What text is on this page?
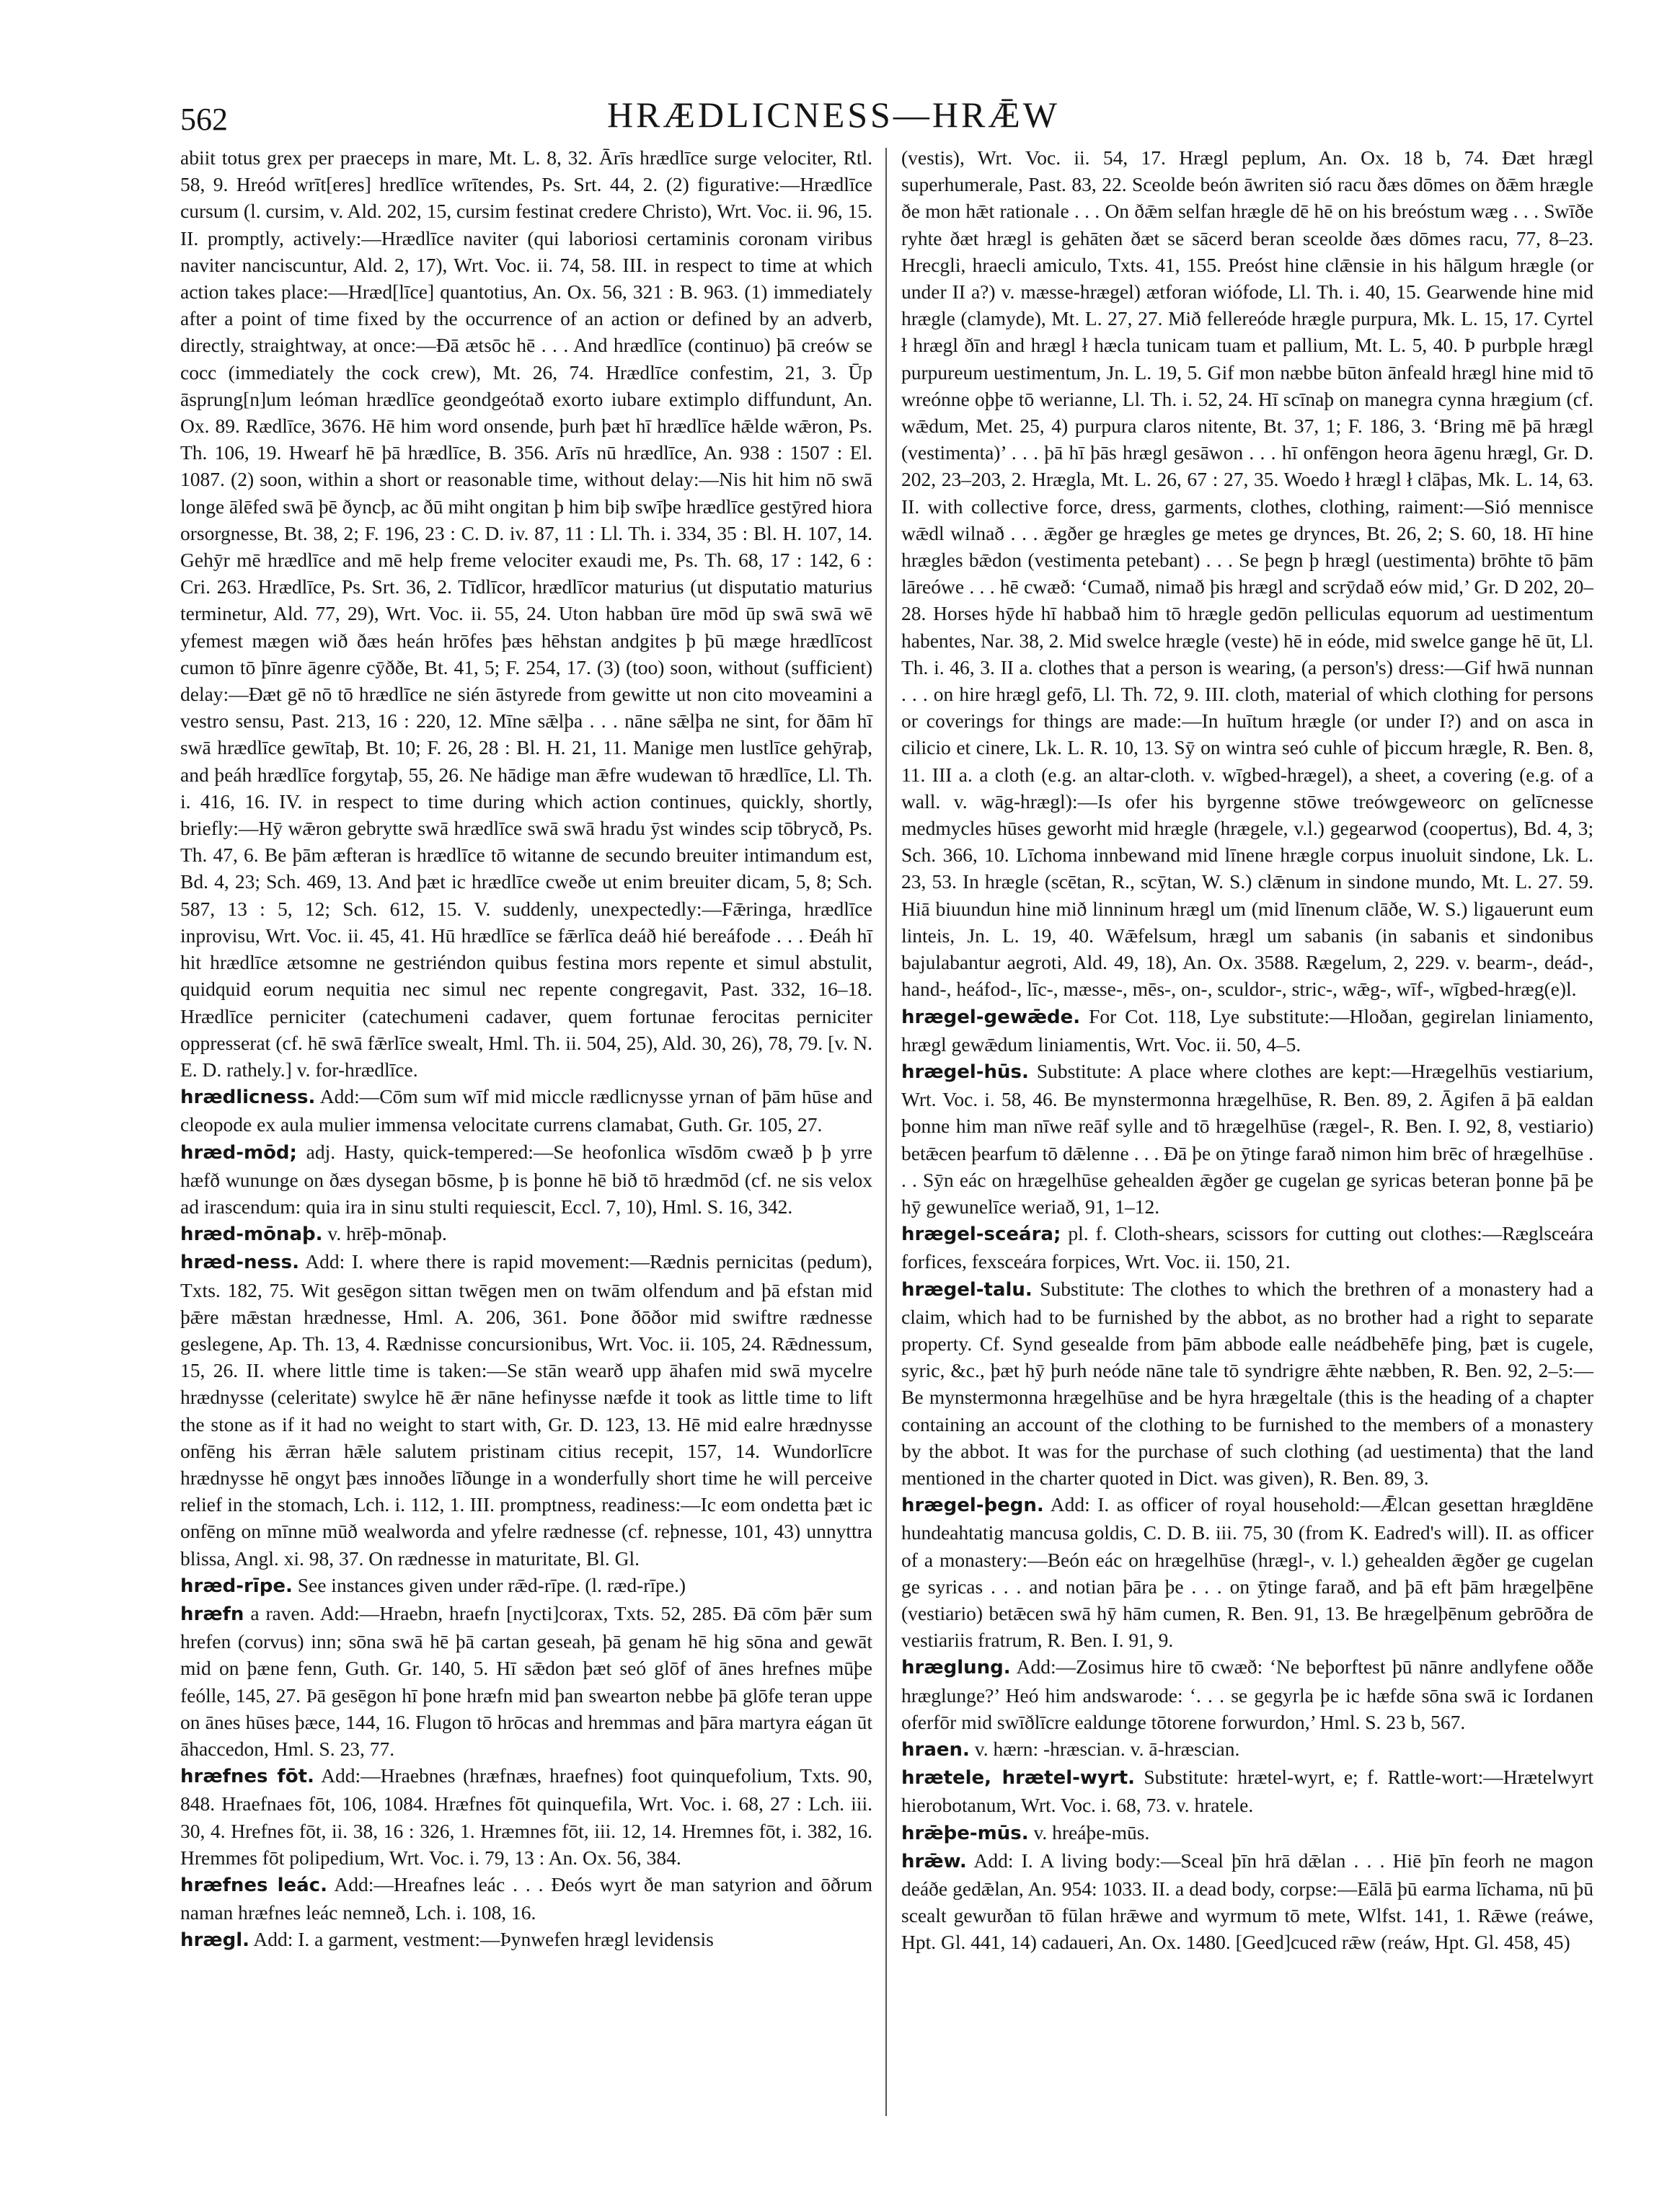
562	HRÆDLICNESS—HRǢW

abiit totus grex per praeceps in mare, Mt. L. 8, 32. Ārīs hrædlīce surge velociter, Rtl. 58, 9. Hreód wrīt[eres] hredlīce wrītendes, Ps. Srt. 44, 2. (2) figurative:—Hrædlīce cursum (l. cursim, v. Ald. 202, 15, cursim festinat credere Christo), Wrt. Voc. ii. 96, 15. II. promptly, actively:—Hrædlīce naviter (qui laboriosi certaminis coronam viribus naviter nanciscuntur, Ald. 2, 17), Wrt. Voc. ii. 74, 58. III. in respect to time at which action takes place:—Hræd[līce] quantotius, An. Ox. 56, 321 : B. 963. (1) immediately after a point of time fixed by the occurrence of an action or defined by an adverb, directly, straightway, at once:—Ðā ætsōc hē . . . And hrædlīce (continuo) þā creów se cocc (immediately the cock crew), Mt. 26, 74. Hrædlīce confestim, 21, 3. Ūp āsprung[n]um leóman hrædlīce geondgeótað exorto iubare extimplo diffundunt, An. Ox. 89. Rædlīce, 3676. Hē him word onsende, þurh þæt hī hrædlīce hǣlde wǣron, Ps. Th. 106, 19. Hwearf hē þā hrædlīce, B. 356. Arīs nū hrædlīce, An. 938 : 1507 : El. 1087. (2) soon, within a short or reasonable time, without delay:—Nis hit him nō swā longe ālēfed swā þē ðyncþ, ac ðū miht ongitan þ him biþ swīþe hrædlīce gestȳred hiora orsorgnesse, Bt. 38, 2; F. 196, 23 : C. D. iv. 87, 11 : Ll. Th. i. 334, 35 : Bl. H. 107, 14. Gehȳr mē hrædlīce and mē help freme velociter exaudi me, Ps. Th. 68, 17 : 142, 6 : Cri. 263. Hrædlīce, Ps. Srt. 36, 2. Tīdlīcor, hrædlīcor maturius (ut disputatio maturius terminetur, Ald. 77, 29), Wrt. Voc. ii. 55, 24. Uton habban ūre mōd ūp swā swā wē yfemest mægen wið ðæs heán hrōfes þæs hēhstan andgites þ þū mæge hrædlīcost cumon tō þīnre āgenre cȳððe, Bt. 41, 5; F. 254, 17. (3) (too) soon, without (sufficient) delay:—Ðæt gē nō tō hrædlīce ne sién āstyrede from gewitte ut non cito moveamini a vestro sensu, Past. 213, 16 : 220, 12. Mīne sǣlþa . . . nāne sǣlþa ne sint, for ðām hī swā hrædlīce gewītaþ, Bt. 10; F. 26, 28 : Bl. H. 21, 11. Manige men lustlīce gehȳraþ, and þeáh hrædlīce forgytaþ, 55, 26. Ne hādige man ǣfre wudewan tō hrædlīce, Ll. Th. i. 416, 16. IV. in respect to time during which action continues, quickly, shortly, briefly:—Hȳ wǣron gebrytte swā hrædlīce swā swā hradu ȳst windes scip tōbrycð, Ps. Th. 47, 6. Be þām æfteran is hrædlīce tō witanne de secundo breuiter intimandum est, Bd. 4, 23; Sch. 469, 13. And þæt ic hrædlīce cweðe ut enim breuiter dicam, 5, 8; Sch. 587, 13 : 5, 12; Sch. 612, 15. V. suddenly, unexpectedly:—Fǣringa, hrædlīce inprovisu, Wrt. Voc. ii. 45, 41. Hū hrædlīce se fǣrlīca deáð hié bereáfode . . . Ðeáh hī hit hrædlīce ætsomne ne gestriéndon quibus festina mors repente et simul abstulit, quidquid eorum nequitia nec simul nec repente congregavit, Past. 332, 16–18. Hrædlīce perniciter (catechumeni cadaver, quem fortunae ferocitas perniciter oppresserat (cf. hē swā fǣrlīce swealt, Hml. Th. ii. 504, 25), Ald. 30, 26), 78, 79. [v. N. E. D. rathely.] v. for-hrædlīce.

hrædlicness. Add:—Cōm sum wīf mid miccle rædlicnysse yrnan of þām hūse and cleopode ex aula mulier immensa velocitate currens clamabat, Guth. Gr. 105, 27.

hræd-mōd; adj. Hasty, quick-tempered:—Se heofonlica wīsdōm cwæð þ þ yrre hæfð wununge on ðæs dysegan bōsme, þ is þonne hē bið tō hrædmōd (cf. ne sis velox ad irascendum: quia ira in sinu stulti requiescit, Eccl. 7, 10), Hml. S. 16, 342.

hræd-mōnaþ. v. hrēþ-mōnaþ.

hræd-ness. Add: I. where there is rapid movement:—Rædnis pernicitas (pedum), Txts. 182, 75. Wit gesēgon sittan twēgen men on twām olfendum and þā efstan mid þǣre mǣstan hrædnesse, Hml. A. 206, 361. Þone ðōðor mid swiftre rædnesse geslegene, Ap. Th. 13, 4. Rædnisse concursionibus, Wrt. Voc. ii. 105, 24. Rǣdnessum, 15, 26. II. where little time is taken:—Se stān wearð upp āhafen mid swā mycelre hrædnysse (celeritate) swylce hē ǣr nāne hefinysse næfde it took as little time to lift the stone as if it had no weight to start with, Gr. D. 123, 13. Hē mid ealre hrædnysse onfēng his ǣrran hǣle salutem pristinam citius recepit, 157, 14. Wundorlīcre hrædnysse hē ongyt þæs innoðes līðunge in a wonderfully short time he will perceive relief in the stomach, Lch. i. 112, 1. III. promptness, readiness:—Ic eom ondetta þæt ic onfēng on mīnne mūð wealworda and yfelre rædnesse (cf. reþnesse, 101, 43) unnyttra blissa, Angl. xi. 98, 37. On rædnesse in maturitate, Bl. Gl.

hræd-rīpe. See instances given under rǣd-rīpe. (l. ræd-rīpe.)

hræfn a raven. Add:—Hraebn, hraefn [nycti]corax, Txts. 52, 285. Ðā cōm þǣr sum hrefen (corvus) inn; sōna swā hē þā cartan geseah, þā genam hē hig sōna and gewāt mid on þæne fenn, Guth. Gr. 140, 5. Hī sǣdon þæt seó glōf of ānes hrefnes mūþe feólle, 145, 27. Þā gesēgon hī þone hræfn mid þan swearton nebbe þā glōfe teran uppe on ānes hūses þæce, 144, 16. Flugon tō hrōcas and hremmas and þāra martyra eágan ūt āhaccedon, Hml. S. 23, 77.

hræfnes fōt. Add:—Hraebnes (hræfnæs, hraefnes) foot quinquefolium, Txts. 90, 848. Hraefnaes fōt, 106, 1084. Hræfnes fōt quinquefila, Wrt. Voc. i. 68, 27 : Lch. iii. 30, 4. Hrefnes fōt, ii. 38, 16 : 326, 1. Hræmnes fōt, iii. 12, 14. Hremnes fōt, i. 382, 16. Hremmes fōt polipedium, Wrt. Voc. i. 79, 13 : An. Ox. 56, 384.

hræfnes leác. Add:—Hreafnes leác . . . Ðeós wyrt ðe man satyrion and ōðrum naman hræfnes leác nemneð, Lch. i. 108, 16.

hrægl. Add: I. a garment, vestment:—Þynwefen hrægl levidensis

(vestis), Wrt. Voc. ii. 54, 17. Hrægl peplum, An. Ox. 18 b, 74. Ðæt hrægl superhumerale, Past. 83, 22. Sceolde beón āwriten sió racu ðæs dōmes on ðǣm hrægle ðe mon hǣt rationale . . . On ðǣm selfan hrægle dē hē on his breóstum wæg . . . Swīðe ryhte ðæt hrægl is gehāten ðæt se sācerd beran sceolde ðæs dōmes racu, 77, 8–23. Hrecgli, hraecli amiculo, Txts. 41, 155. Preóst hine clǣnsie in his hālgum hrægle (or under II a?) v. mæsse-hrægel) ætforan wiófode, Ll. Th. i. 40, 15. Gearwende hine mid hrægle (clamyde), Mt. L. 27, 27. Mið fellereóde hrægle purpura, Mk. L. 15, 17. Cyrtel ł hrægl ðīn and hrægl ł hæcla tunicam tuam et pallium, Mt. L. 5, 40. Þ purbple hrægl purpureum uestimentum, Jn. L. 19, 5. Gif mon næbbe būton ānfeald hrægl hine mid tō wreónne oþþe tō werianne, Ll. Th. i. 52, 24. Hī scīnaþ on manegra cynna hrægium (cf. wǣdum, Met. 25, 4) purpura claros nitente, Bt. 37, 1; F. 186, 3. ‘Bring mē þā hrægl (vestimenta)’ . . . þā hī þās hrægl gesāwon . . . hī onfēngon heora āgenu hrægl, Gr. D. 202, 23–203, 2. Hrægla, Mt. L. 26, 67 : 27, 35. Woedo ł hrægl ł clāþas, Mk. L. 14, 63. II. with collective force, dress, garments, clothes, clothing, raiment:—Sió mennisce wǣdl wilnað . . . ǣgðer ge hrægles ge metes ge drynces, Bt. 26, 2; S. 60, 18. Hī hine hrægles bǣdon (vestimenta petebant) . . . Se þegn þ hrægl (uestimenta) brōhte tō þām lāreówe . . . hē cwæð: ‘Cumað, nimað þis hrægl and scrȳdað eów mid,’ Gr. D 202, 20–28. Horses hȳde hī habbað him tō hrægle gedōn pelliculas equorum ad uestimentum habentes, Nar. 38, 2. Mid swelce hrægle (veste) hē in eóde, mid swelce gange hē ūt, Ll. Th. i. 46, 3. II a. clothes that a person is wearing, (a person's) dress:—Gif hwā nunnan . . . on hire hrægl gefō, Ll. Th. 72, 9. III. cloth, material of which clothing for persons or coverings for things are made:—In huītum hrægle (or under I?) and on asca in cilicio et cinere, Lk. L. R. 10, 13. Sȳ on wintra seó cuhle of þiccum hrægle, R. Ben. 8, 11. III a. a cloth (e.g. an altar-cloth. v. wīgbed-hrægel), a sheet, a covering (e.g. of a wall. v. wāg-hrægl):—Is ofer his byrgenne stōwe treówgeweorc on gelīcnesse medmycles hūses geworht mid hrægle (hrægele, v.l.) gegearwod (coopertus), Bd. 4, 3; Sch. 366, 10. Līchoma innbewand mid līnene hrægle corpus inuoluit sindone, Lk. L. 23, 53. In hrægle (scētan, R., scȳtan, W. S.) clǣnum in sindone mundo, Mt. L. 27. 59. Hiā biuundun hine mið linninum hrægl um (mid līnenum clāðe, W. S.) ligauerunt eum linteis, Jn. L. 19, 40. Wǣfelsum, hrægl um sabanis (in sabanis et sindonibus bajulabantur aegroti, Ald. 49, 18), An. Ox. 3588. Rægelum, 2, 229. v. bearm-, deád-, hand-, heáfod-, līc-, mæsse-, mēs-, on-, sculdor-, stric-, wǣg-, wīf-, wīgbed-hræg(e)l.

hrægel-gewǣde. For Cot. 118, Lye substitute:—Hloðan, gegirelan liniamento, hrægl gewǣdum liniamentis, Wrt. Voc. ii. 50, 4–5.

hrægel-hūs. Substitute: A place where clothes are kept:—Hrægelhūs vestiarium, Wrt. Voc. i. 58, 46. Be mynstermonna hrægelhūse, R. Ben. 89, 2. Āgifen ā þā ealdan þonne him man nīwe reāf sylle and tō hrægelhūse (rægel-, R. Ben. I. 92, 8, vestiario) betǣcen þearfum tō dǣlenne . . . Ðā þe on ȳtinge farað nimon him brēc of hrægelhūse . . . Sȳn eác on hrægelhūse gehealden ǣgðer ge cugelan ge syricas beteran þonne þā þe hȳ gewunelīce weriað, 91, 1–12.

hrægel-sceára; pl. f. Cloth-shears, scissors for cutting out clothes:—Ræglsceára forfices, fexsceára forpices, Wrt. Voc. ii. 150, 21.

hrægel-talu. Substitute: The clothes to which the brethren of a monastery had a claim, which had to be furnished by the abbot, as no brother had a right to separate property. Cf. Synd gesealde from þām abbode ealle neádbehēfe þing, þæt is cugele, syric, &c., þæt hȳ þurh neóde nāne tale tō syndrigre ǣhte næbben, R. Ben. 92, 2–5:—Be mynstermonna hrægelhūse and be hyra hrægeltale (this is the heading of a chapter containing an account of the clothing to be furnished to the members of a monastery by the abbot. It was for the purchase of such clothing (ad uestimenta) that the land mentioned in the charter quoted in Dict. was given), R. Ben. 89, 3.

hrægel-þegn. Add: I. as officer of royal household:—Ǣlcan gesettan hrægldēne hundeahtatig mancusa goldis, C. D. B. iii. 75, 30 (from K. Eadred's will). II. as officer of a monastery:—Beón eác on hrægelhūse (hrægl-, v. l.) gehealden ǣgðer ge cugelan ge syricas . . . and notian þāra þe . . . on ȳtinge farað, and þā eft þām hrægelþēne (vestiario) betǣcen swā hȳ hām cumen, R. Ben. 91, 13. Be hrægelþēnum gebrōðra de vestiariis fratrum, R. Ben. I. 91, 9.

hræglung. Add:—Zosimus hire tō cwæð: ‘Ne beþorftest þū nānre andlyfene oððe hræglunge?’ Heó him andswarode: ‘. . . se gegyrla þe ic hæfde sōna swā ic Iordanen oferfōr mid swīðlīcre ealdunge tōtorene forwurdon,’ Hml. S. 23 b, 567.

hraen. v. hærn: -hræscian. v. ā-hræscian.

hrætele, hrætel-wyrt. Substitute: hrætel-wyrt, e; f. Rattle-wort:—Hrætelwyrt hierobotanum, Wrt. Voc. i. 68, 73. v. hratele.

hrǣþe-mūs. v. hreáþe-mūs.

hrǣw. Add: I. A living body:—Sceal þīn hrā dǣlan . . . Hiē þīn feorh ne magon deáðe gedǣlan, An. 954: 1033. II. a dead body, corpse:—Eālā þū earma līchama, nū þū scealt gewurðan tō fūlan hrǣwe and wyrmum tō mete, Wlfst. 141, 1. Rǣwe (reáwe, Hpt. Gl. 441, 14) cadaueri, An. Ox. 1480. [Geed]cuced rǣw (reáw, Hpt. Gl. 458, 45)
